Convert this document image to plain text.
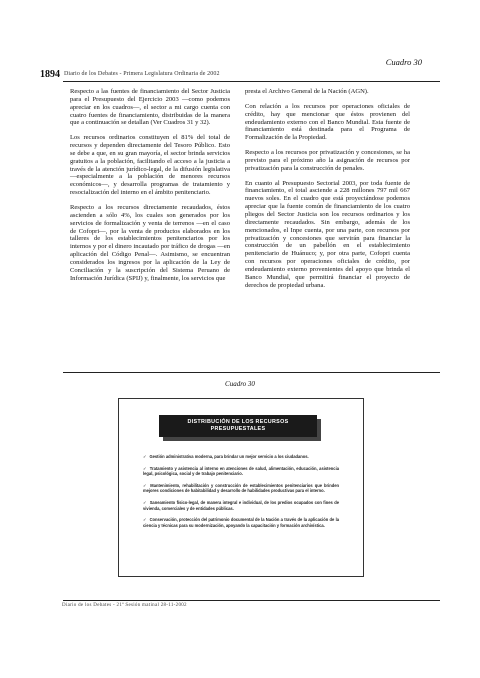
Cuadro 30
1894 Diario de los Debates - Primera Legislatura Ordinaria de 2002

Respecto a las fuentes de financiamiento del Sector Justicia para el Presupuesto del Ejercicio 2003 —como podemos apreciar en los cuadros—, el sector a mi cargo cuenta con cuatro fuentes de financiamiento, distribuidas de la manera que a continuación se detallan (Ver Cuadros 31 y 32).

Los recursos ordinarios constituyen el 81% del total de recursos y dependen directamente del Tesoro Público. Esto se debe a que, en su gran mayoría, el sector brinda servicios gratuitos a la población, facilitando el acceso a la justicia a través de la atención jurídico-legal, de la difusión legislativa —especialmente a la población de menores recursos económicos—, y desarrolla programas de tratamiento y resocialización del interno en el ámbito penitenciario.

Respecto a los recursos directamente recaudados, éstos ascienden a sólo 4%, los cuales son generados por los servicios de formalización y venta de terrenos —en el caso de Cofopri—, por la venta de productos elaborados en los talleres de los establecimientos penitenciarios por los internos y por el dinero incautado por tráfico de drogas —en aplicación del Código Penal—. Asimismo, se encuentran considerados los ingresos por la aplicación de la Ley de Conciliación y la suscripción del Sistema Peruano de Información Jurídica (SPIJ) y, finalmente, los servicios que

presta el Archivo General de la Nación (AGN).

Con relación a los recursos por operaciones oficiales de crédito, hay que mencionar que éstos provienen del endeudamiento externo con el Banco Mundial. Esta fuente de financiamiento está destinada para el Programa de Formalización de la Propiedad.

Respecto a los recursos por privatización y concesiones, se ha previsto para el próximo año la asignación de recursos por privatización para la construcción de penales.

En cuanto al Presupuesto Sectorial 2003, por toda fuente de financiamiento, el total asciende a 228 millones 797 mil 667 nuevos soles. En el cuadro que está proyectándose podemos apreciar que la fuente común de financiamiento de los cuatro pliegos del Sector Justicia son los recursos ordinarios y los directamente recaudados. Sin embargo, además de los mencionados, el Inpe cuenta, por una parte, con recursos por privatización y concesiones que servirán para financiar la construcción de un pabellón en el establecimiento penitenciario de Huánuco; y, por otra parte, Cofopri cuenta con recursos por operaciones oficiales de crédito, por endeudamiento externo provenientes del apoyo que brinda el Banco Mundial, que permitirá financiar el proyecto de derechos de propiedad urbana.

Cuadro 30
DISTRIBUCIÓN DE LOS RECURSOS
PRESUPUESTALES
✓ Gestión administrativa moderna, para brindar un mejor servicio a los ciudadanos.
✓ Tratamiento y asistencia al interno en atenciones de salud, alimentación, educación, asistencia legal, psicológica, social y de trabajo penitenciario.
✓ Mantenimiento, rehabilitación y construcción de establecimientos penitenciarios que brinden mejores condiciones de habitabilidad y desarrollo de habilidades productivas para el interno.
✓ Saneamiento físico-legal, de manera integral e individual, de los predios ocupados con fines de vivienda, comerciales y de entidades públicas.
✓ Conservación, protección del patrimonio documental de la Nación a través de la aplicación de la ciencia y técnicas para su modernización, apoyando la capacitación y formación archivística.
Diario de los Debates - 21ª Sesión matinal 28-11-2002
